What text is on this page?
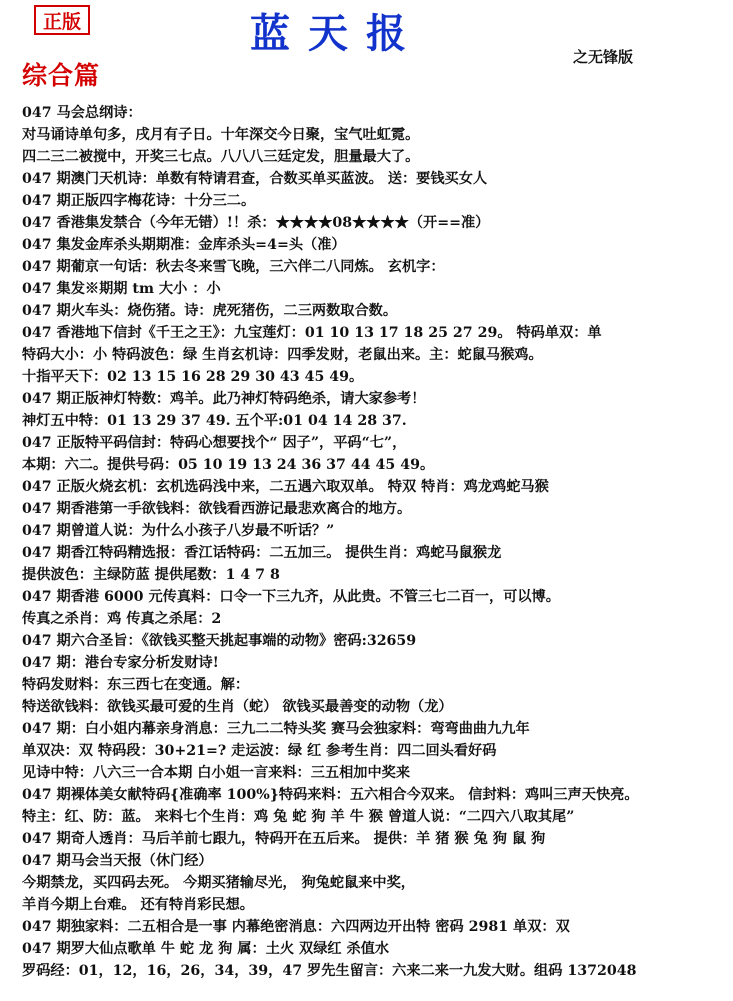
正版	蓝天报	之无锋版
综合篇
047 马会总纲诗：
对马诵诗单句多，戌月有子日。十年深交今日聚，宝气吐虹霓。
四二三二被搅中，开奖三七点。八八八三廷定发，胆量最大了。
047 期澳门天机诗：单数有特请君查，合数买单买蓝波。 送：要钱买女人
047 期正版四字梅花诗：十分三二。
047 香港集发禁合（今年无错）!！杀：★★★★08★★★★（开==准）
047 集发金库杀头期期准：金库杀头=4=头（准）
047 期葡京一句话：秋去冬来雪飞晚，三六伴二八同炼。 玄机字：
047 集发※期期 tm 大小 ：小
047 期火车头：烧伤猪。诗：虎死猪伤，二三两数取合数。
047 香港地下信封《千王之王》：九宝莲灯：01 10 13 17 18 25 27 29。 特码单双：单
特码大小：小 特码波色：绿 生肖玄机诗：四季发财，老鼠出来。主：蛇鼠马猴鸡。
十指平天下：02 13 15 16 28 29 30 43 45 49。
047 期正版神灯特数：鸡羊。此乃神灯特码绝杀，请大家参考！
神灯五中特：01 13 29 37 49. 五个平:01 04 14 28 37.
047 正版特平码信封：特码心想要找个“ 因子”，平码“七”，
本期：六二。提供号码：05 10 19 13 24 36 37 44 45 49。
047 正版火烧玄机：玄机选码浅中来，二五遇六取双单。 特双 特肖：鸡龙鸡蛇马猴
047 期香港第一手欲钱料：欲钱看西游记最悲欢离合的地方。
047 期曾道人说：为什么小孩子八岁最不听话？”
047 期香江特码精选报：香江话特码：二五加三。 提供生肖：鸡蛇马鼠猴龙
提供波色：主绿防蓝 提供尾数：1 4 7 8
047 期香港 6000 元传真料：口令一下三九齐，从此贵。不管三七二百一，可以博。
传真之杀肖：鸡 传真之杀尾：2
047 期六合圣旨：《欲钱买整天挑起事端的动物》密码:32659
047 期：港台专家分析发财诗!
特码发财料：东三西七在变通。解：
特送欲钱料：欲钱买最可爱的生肖（蛇） 欲钱买最善变的动物（龙）
047 期：白小姐内幕亲身消息：三九二二特头奖 赛马会独家料：弯弯曲曲九九年
单双决：双 特码段：30+21=? 走运波：绿 红 参考生肖：四二回头看好码
见诗中特：八六三一合本期 白小姐一言来料：三五相加中奖来
047 期裸体美女献特码{准确率 100%}特码来料：五六相合今双来。 信封料：鸡叫三声天快亮。
特主：红、防：蓝。 来料七个生肖：鸡 兔 蛇 狗 羊 牛 猴 曾道人说：“二四六八取其尾”
047 期奇人透肖：马后羊前七跟九，特码开在五后来。 提供：羊 猪 猴 兔 狗 鼠 狗
047 期马会当天报（休门经）
今期禁龙，买四码去死。 今期买猪输尽光， 狗兔蛇鼠来中奖，
羊肖今期上台难。 还有特肖彩民想。
047 期独家料：二五相合是一事 内幕绝密消息：六四两边开出特 密码 2981 单双：双
047 期罗大仙点歌单 牛 蛇 龙 狗 属：土火 双绿红 杀值水
罗码经：01，12，16，26，34，39，47 罗先生留言：六来二来一九发大财。组码 1372048
